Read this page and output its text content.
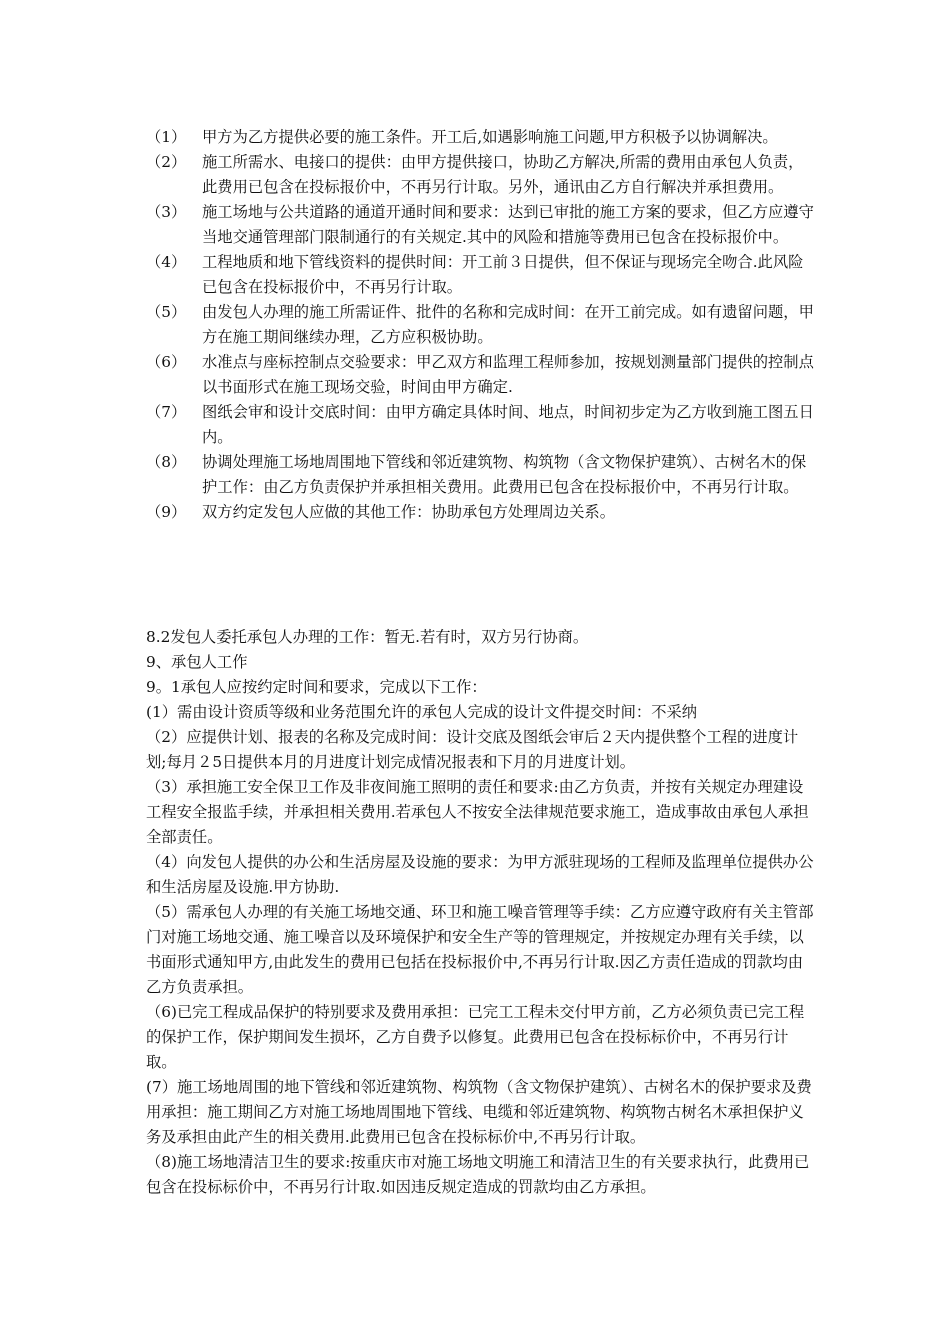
（1）	甲方为乙方提供必要的施工条件。开工后,如遇影响施工问题,甲方积极予以协调解决。
（2）	施工所需水、电接口的提供：由甲方提供接口，协助乙方解决,所需的费用由承包人负责，此费用已包含在投标报价中，不再另行计取。另外，通讯由乙方自行解决并承担费用。
（3）	施工场地与公共道路的通道开通时间和要求：达到已审批的施工方案的要求，但乙方应遵守当地交通管理部门限制通行的有关规定.其中的风险和措施等费用已包含在投标报价中。
（4）	工程地质和地下管线资料的提供时间：开工前３日提供，但不保证与现场完全吻合.此风险已包含在投标报价中，不再另行计取。
（5）	由发包人办理的施工所需证件、批件的名称和完成时间：在开工前完成。如有遗留问题，甲方在施工期间继续办理，乙方应积极协助。
（6）	水准点与座标控制点交验要求：甲乙双方和监理工程师参加，按规划测量部门提供的控制点以书面形式在施工现场交验，时间由甲方确定.
（7）	图纸会审和设计交底时间：由甲方确定具体时间、地点，时间初步定为乙方收到施工图五日内。
（8）	协调处理施工场地周围地下管线和邻近建筑物、构筑物（含文物保护建筑）、古树名木的保护工作：由乙方负责保护并承担相关费用。此费用已包含在投标报价中，不再另行计取。
（9）	双方约定发包人应做的其他工作：协助承包方处理周边关系。

8.2发包人委托承包人办理的工作：暂无.若有时，双方另行协商。

9、承包人工作

9。1承包人应按约定时间和要求，完成以下工作：

(1）需由设计资质等级和业务范围允许的承包人完成的设计文件提交时间：不采纳

（2）应提供计划、报表的名称及完成时间：设计交底及图纸会审后２天内提供整个工程的进度计划;每月２5日提供本月的月进度计划完成情况报表和下月的月进度计划。

（3）承担施工安全保卫工作及非夜间施工照明的责任和要求:由乙方负责，并按有关规定办理建设工程安全报监手续，并承担相关费用.若承包人不按安全法律规范要求施工，造成事故由承包人承担全部责任。

（4）向发包人提供的办公和生活房屋及设施的要求：为甲方派驻现场的工程师及监理单位提供办公和生活房屋及设施.甲方协助.

（5）需承包人办理的有关施工场地交通、环卫和施工噪音管理等手续：乙方应遵守政府有关主管部门对施工场地交通、施工噪音以及环境保护和安全生产等的管理规定，并按规定办理有关手续，以书面形式通知甲方,由此发生的费用已包括在投标报价中,不再另行计取.因乙方责任造成的罚款均由乙方负责承担。

（6)已完工程成品保护的特别要求及费用承担：已完工工程未交付甲方前，乙方必须负责已完工程的保护工作，保护期间发生损坏，乙方自费予以修复。此费用已包含在投标标价中，不再另行计取。

(7）施工场地周围的地下管线和邻近建筑物、构筑物（含文物保护建筑）、古树名木的保护要求及费用承担：施工期间乙方对施工场地周围地下管线、电缆和邻近建筑物、构筑物古树名木承担保护义务及承担由此产生的相关费用.此费用已包含在投标标价中,不再另行计取。

（8)施工场地清洁卫生的要求:按重庆市对施工场地文明施工和清洁卫生的有关要求执行，此费用已包含在投标标价中，不再另行计取.如因违反规定造成的罚款均由乙方承担。
